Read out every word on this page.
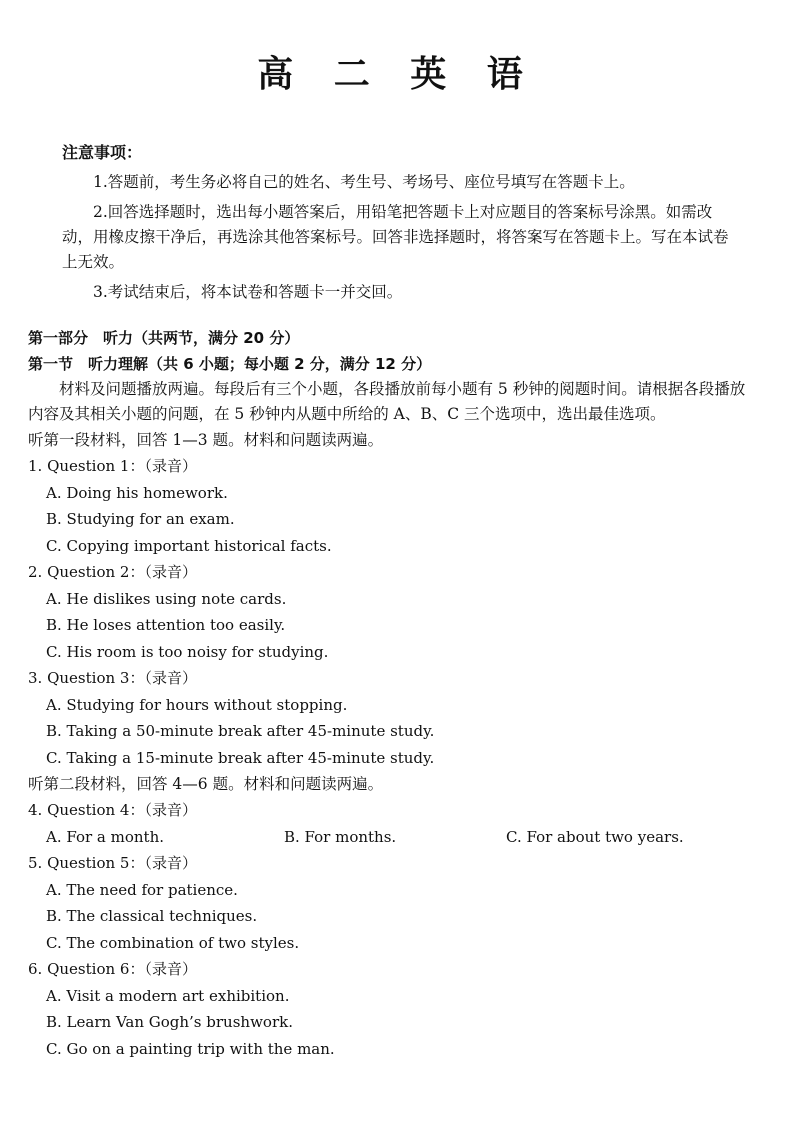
高 二 英 语
注意事项：

1.答题前，考生务必将自己的姓名、考生号、考场号、座位号填写在答题卡上。

2.回答选择题时，选出每小题答案后，用铅笔把答题卡上对应题目的答案标号涂黑。如需改动，用橡皮擦干净后，再选涂其他答案标号。回答非选择题时，将答案写在答题卡上。写在本试卷上无效。

3.考试结束后，将本试卷和答题卡一并交回。

第一部分　听力（共两节，满分 20 分）
第一节　听力理解（共 6 小题；每小题 2 分，满分 12 分）

材料及问题播放两遍。每段后有三个小题，各段播放前每小题有 5 秒钟的阅题时间。请根据各段播放内容及其相关小题的问题，在 5 秒钟内从题中所给的 A、B、C 三个选项中，选出最佳选项。

听第一段材料，回答 1—3 题。材料和问题读两遍。

1. Question 1：（录音）

A. Doing his homework.

B. Studying for an exam.

C. Copying important historical facts.

2. Question 2：（录音）

A. He dislikes using note cards.

B. He loses attention too easily.

C. His room is too noisy for studying.

3. Question 3：（录音）

A. Studying for hours without stopping.

B. Taking a 50-minute break after 45-minute study.

C. Taking a 15-minute break after 45-minute study.

听第二段材料，回答 4—6 题。材料和问题读两遍。

4. Question 4：（录音）

A. For a month.	B. For months.	C. For about two years.

5. Question 5：（录音）

A. The need for patience.

B. The classical techniques.

C. The combination of two styles.

6. Question 6：（录音）

A. Visit a modern art exhibition.

B. Learn Van Gogh’s brushwork.

C. Go on a painting trip with the man.
